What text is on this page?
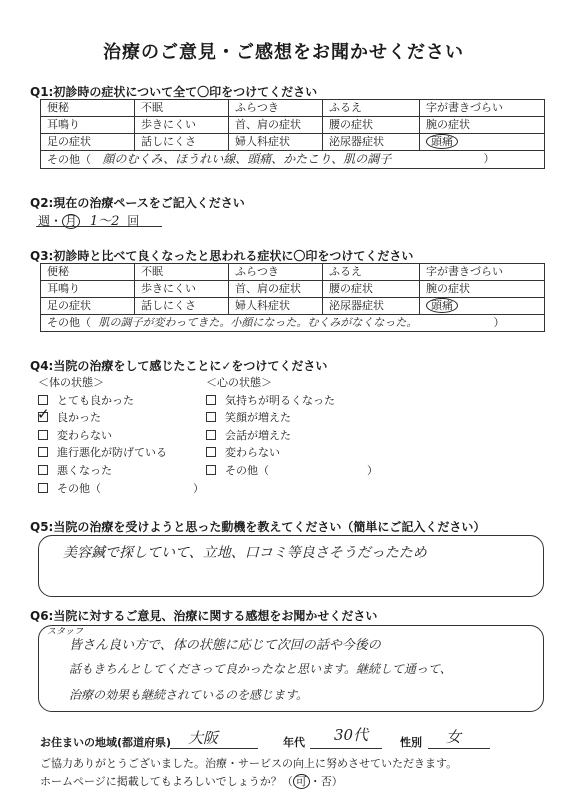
治療のご意見・ご感想をお聞かせください
Q1:初診時の症状について全て〇印をつけてください
便秘	不眠	ふらつき	ふるえ	字が書きづらい
耳鳴り	歩きにくい	首、肩の症状	腰の症状	腕の症状
足の症状	話しにくさ	婦人科症状	泌尿器症状	頭痛
その他（ 顔のむくみ、ほうれい線、頭痛、かたこり、肌の調子 ）				
Q2:現在の治療ペースをご記入ください
週・ 月 1〜2 回
Q3:初診時と比べて良くなったと思われる症状に〇印をつけてください
便秘	不眠	ふらつき	ふるえ	字が書きづらい
耳鳴り	歩きにくい	首、肩の症状	腰の症状	腕の症状
足の症状	話しにくさ	婦人科症状	泌尿器症状	頭痛
その他（ 肌の調子が変わってきた。小顔になった。むくみがなくなった。 ）				
Q4:当院の治療をして感じたことに✓をつけてください
＜体の状態＞
とても良かった
✓ 良かった
変わらない
進行悪化が防げている
悪くなった
その他（	）
＜心の状態＞
気持ちが明るくなった
笑顔が増えた
会話が増えた
変わらない
その他（	）
Q5:当院の治療を受けようと思った動機を教えてください（簡単にご記入ください）
美容鍼で探していて、立地、口コミ等良さそうだったため
Q6:当院に対するご意見、治療に関する感想をお聞かせください
スタッフ
皆さん良い方で、体の状態に応じて次回の話や今後の
話もきちんとしてくださって良かったなと思います。継続して通って、
治療の効果も継続されているのを感じます。
お住まいの地域(都道府県) 大阪	年代 30代	性別 女
ご協力ありがとうございました。治療・サービスの向上に努めさせていただきます。
ホームページに掲載してもよろしいでしょうか？（ 可 ・否）
